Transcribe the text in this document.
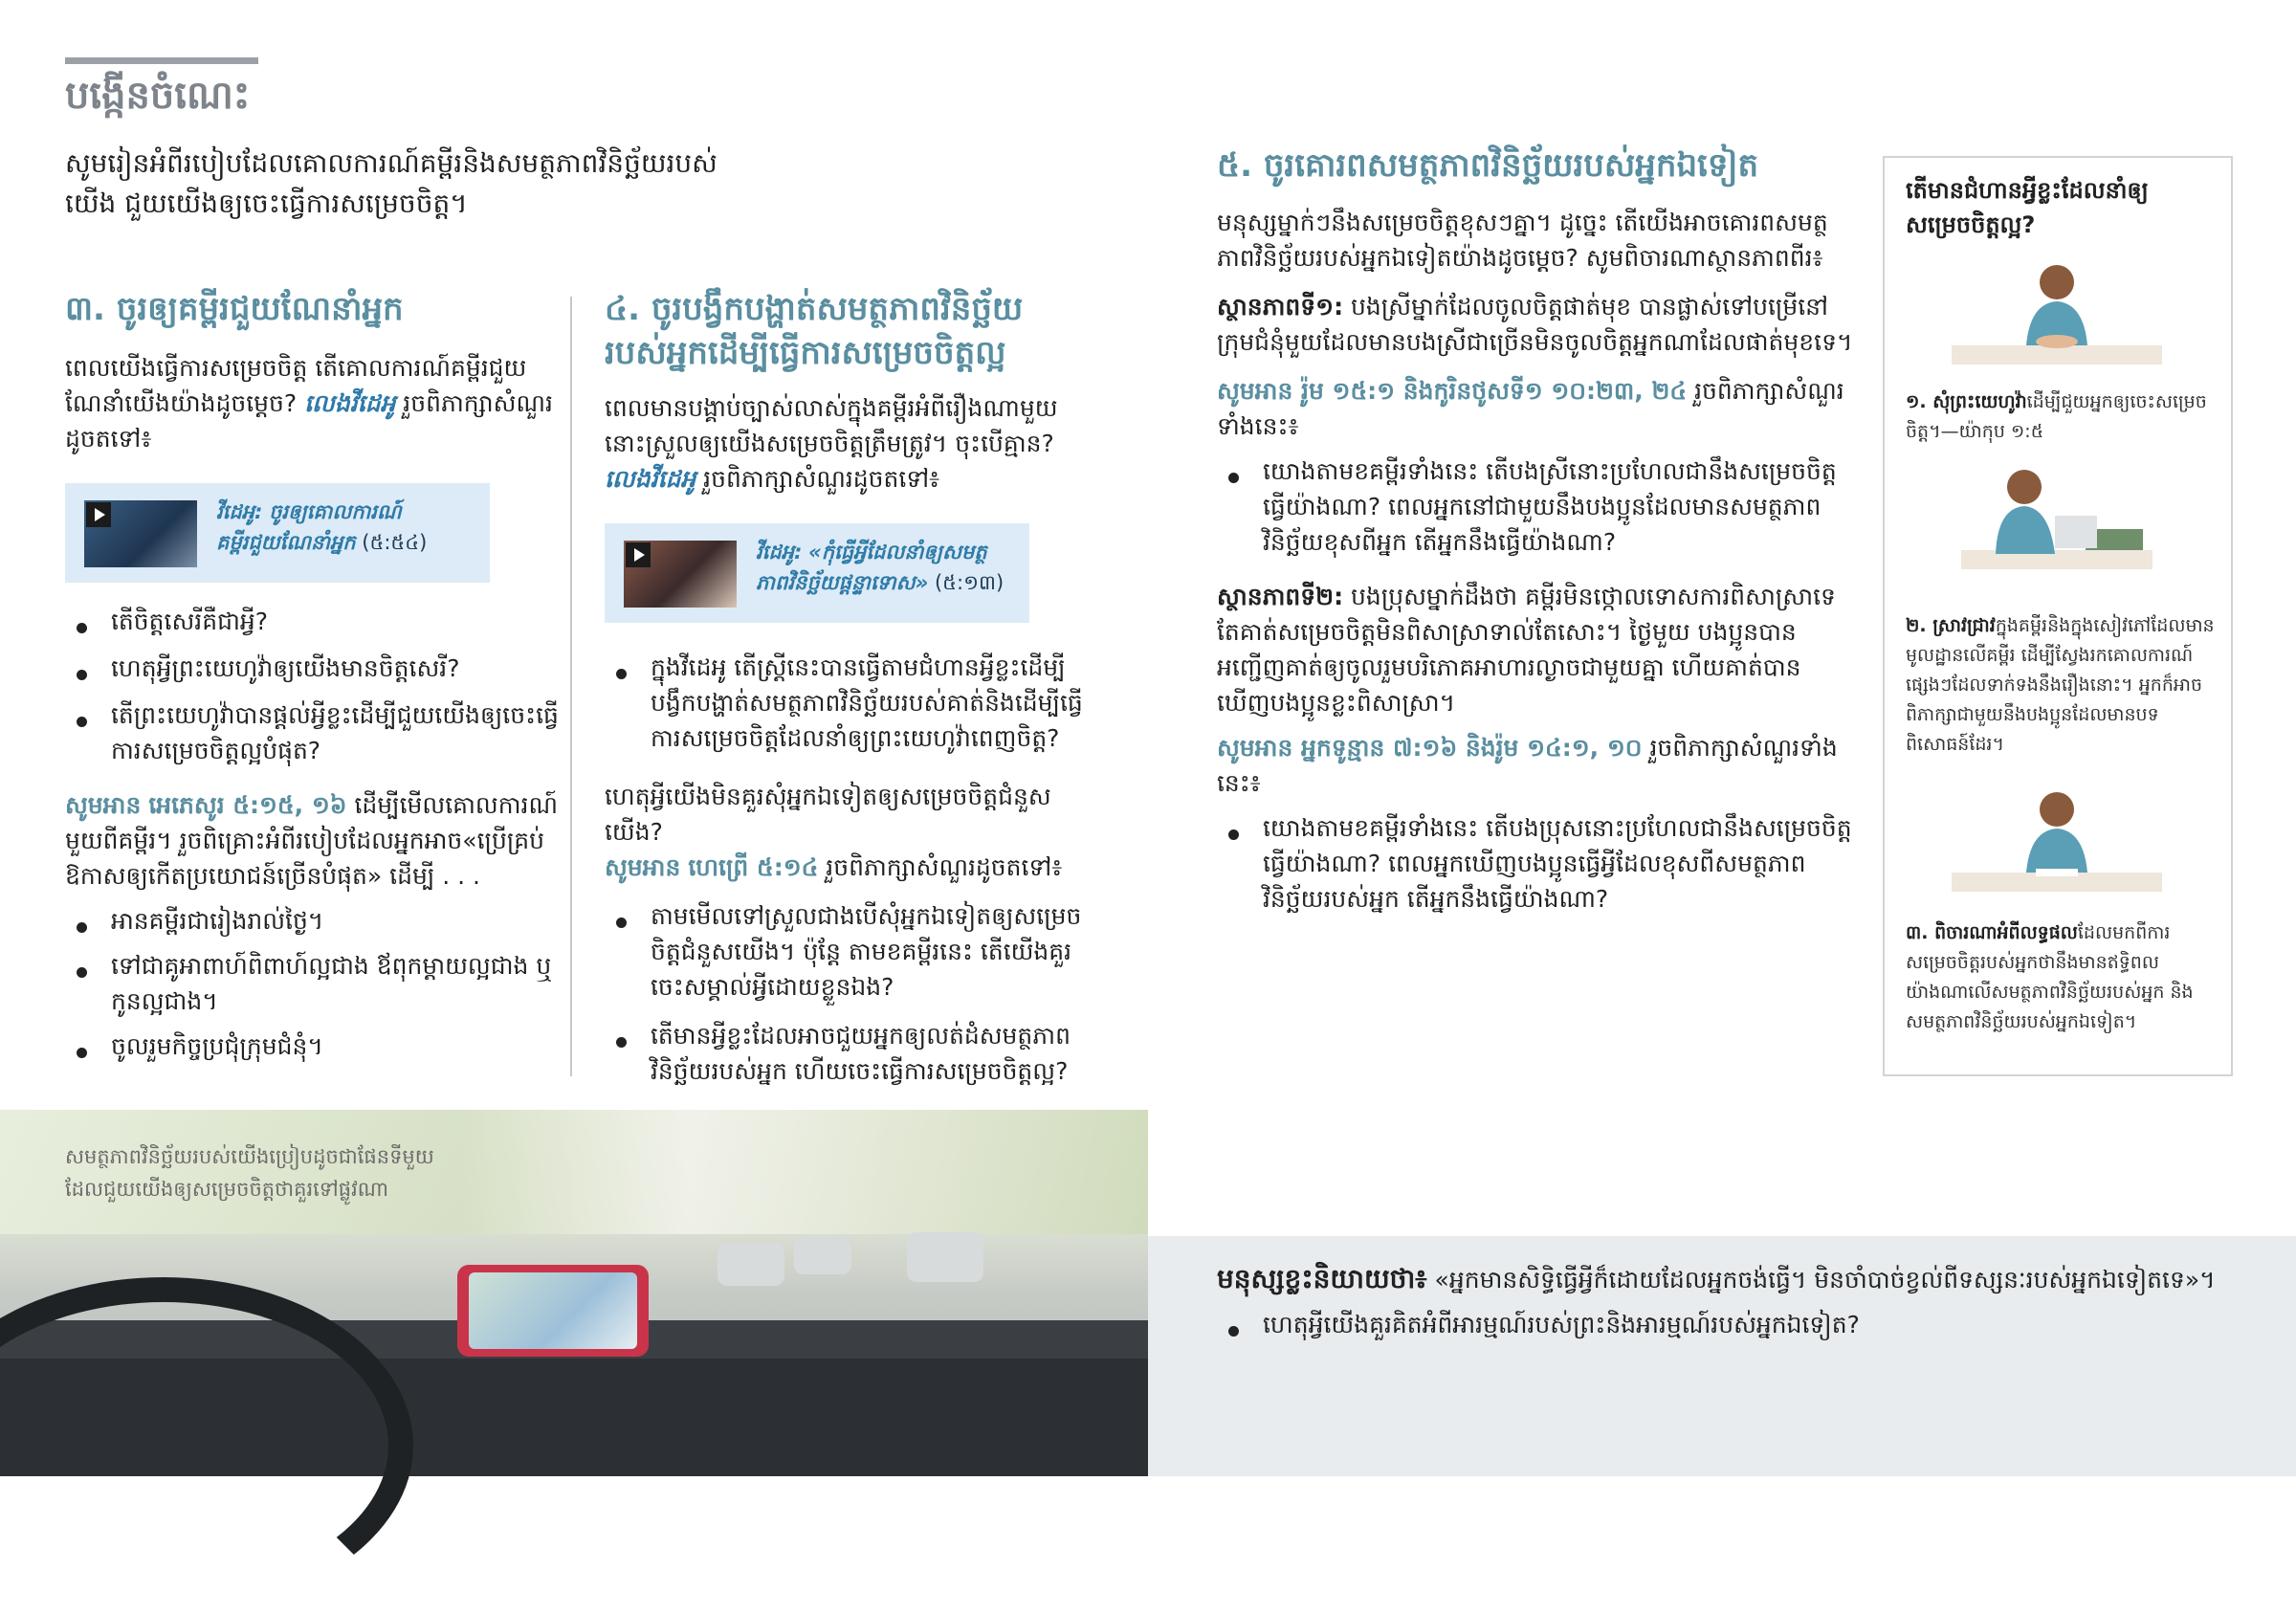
បង្កើនចំណេះ

សូមរៀនអំពីរបៀបដែលគោលការណ៍គម្ពីរនិងសមត្ថភាពវិនិច្ឆ័យរបស់យើង ជួយយើងឲ្យចេះធ្វើការសម្រេចចិត្ត។

៣. ចូរឲ្យគម្ពីរជួយណែនាំអ្នក

ពេលយើងធ្វើការសម្រេចចិត្ត តើគោលការណ៍គម្ពីរជួយណែនាំយើងយ៉ាងដូចម្ដេច? លេងវីដេអូ រួចពិភាក្សាសំណួរដូចតទៅ៖

វីដេអូ: ចូរឲ្យគោលការណ៍គម្ពីរជួយណែនាំអ្នក (៥:៥៤)
តើចិត្តសេរីគឺជាអ្វី?
ហេតុអ្វីព្រះយេហូវ៉ាឲ្យយើងមានចិត្តសេរី?
តើព្រះយេហូវ៉ាបានផ្ដល់អ្វីខ្លះដើម្បីជួយយើងឲ្យចេះធ្វើការសម្រេចចិត្តល្អបំផុត?

សូមអាន អេភេសូរ ៥:១៥, ១៦ ដើម្បីមើលគោលការណ៍មួយពីគម្ពីរ។ រួចពិគ្រោះអំពីរបៀបដែលអ្នកអាច«ប្រើគ្រប់ឱកាសឲ្យកើតប្រយោជន៍ច្រើនបំផុត» ដើម្បី . . .

អានគម្ពីរជារៀងរាល់ថ្ងៃ។
ទៅជាគូអាពាហ៍ពិពាហ៍ល្អជាង ឪពុកម្ដាយល្អជាង ឬកូនល្អជាង។
ចូលរួមកិច្ចប្រជុំក្រុមជំនុំ។
៤. ចូរបង្វឹកបង្ហាត់សមត្ថភាពវិនិច្ឆ័យរបស់អ្នកដើម្បីធ្វើការសម្រេចចិត្តល្អ

ពេលមានបង្គាប់ច្បាស់លាស់ក្នុងគម្ពីរអំពីរឿងណាមួយ នោះស្រួលឲ្យយើងសម្រេចចិត្តត្រឹមត្រូវ។ ចុះបើគ្មាន? លេងវីដេអូ រួចពិភាក្សាសំណួរដូចតទៅ៖

វីដេអូ: «កុំធ្វើអ្វីដែលនាំឲ្យសមត្ថភាពវិនិច្ឆ័យផ្ដន្ទាទោស» (៥:១៣)
ក្នុងវីដេអូ តើស្ត្រីនេះបានធ្វើតាមជំហានអ្វីខ្លះដើម្បីបង្វឹកបង្ហាត់សមត្ថភាពវិនិច្ឆ័យរបស់គាត់និងដើម្បីធ្វើការសម្រេចចិត្តដែលនាំឲ្យព្រះយេហូវ៉ាពេញចិត្ត?

ហេតុអ្វីយើងមិនគួរសុំអ្នកឯទៀតឲ្យសម្រេចចិត្តជំនួសយើង?

សូមអាន ហេព្រើ ៥:១៤ រួចពិភាក្សាសំណួរដូចតទៅ៖

តាមមើលទៅស្រួលជាងបើសុំអ្នកឯទៀតឲ្យសម្រេចចិត្តជំនួសយើង។ ប៉ុន្តែ តាមខគម្ពីរនេះ តើយើងគួរចេះសម្គាល់អ្វីដោយខ្លួនឯង?
តើមានអ្វីខ្លះដែលអាចជួយអ្នកឲ្យលត់ដំសមត្ថភាពវិនិច្ឆ័យរបស់អ្នក ហើយចេះធ្វើការសម្រេចចិត្តល្អ?
៥. ចូរគោរពសមត្ថភាពវិនិច្ឆ័យរបស់អ្នកឯទៀត

មនុស្សម្នាក់ៗនឹងសម្រេចចិត្តខុសៗគ្នា។ ដូច្នេះ តើយើងអាចគោរពសមត្ថភាពវិនិច្ឆ័យរបស់អ្នកឯទៀតយ៉ាងដូចម្ដេច? សូមពិចារណាស្ថានភាពពីរ៖

ស្ថានភាពទី១: បងស្រីម្នាក់ដែលចូលចិត្តផាត់មុខ បានផ្លាស់ទៅបម្រើនៅក្រុមជំនុំមួយដែលមានបងស្រីជាច្រើនមិនចូលចិត្តអ្នកណាដែលផាត់មុខទេ។

សូមអាន រ៉ូម ១៥:១ និងកូរិនថូសទី១ ១០:២៣, ២៤ រួចពិភាក្សាសំណួរទាំងនេះ៖

យោងតាមខគម្ពីរទាំងនេះ តើបងស្រីនោះប្រហែលជានឹងសម្រេចចិត្តធ្វើយ៉ាងណា? ពេលអ្នកនៅជាមួយនឹងបងប្អូនដែលមានសមត្ថភាពវិនិច្ឆ័យខុសពីអ្នក តើអ្នកនឹងធ្វើយ៉ាងណា?

ស្ថានភាពទី២: បងប្រុសម្នាក់ដឹងថា គម្ពីរមិនថ្កោលទោសការពិសាស្រាទេ តែគាត់សម្រេចចិត្តមិនពិសាស្រាទាល់តែសោះ។ ថ្ងៃមួយ បងប្អូនបានអញ្ជើញគាត់ឲ្យចូលរួមបរិភោគអាហារល្ងាចជាមួយគ្នា ហើយគាត់បានឃើញបងប្អូនខ្លះពិសាស្រា។

សូមអាន អ្នកទូន្មាន ៧:១៦ និងរ៉ូម ១៤:១, ១០ រួចពិភាក្សាសំណួរទាំងនេះ៖

យោងតាមខគម្ពីរទាំងនេះ តើបងប្រុសនោះប្រហែលជានឹងសម្រេចចិត្តធ្វើយ៉ាងណា? ពេលអ្នកឃើញបងប្អូនធ្វើអ្វីដែលខុសពីសមត្ថភាពវិនិច្ឆ័យរបស់អ្នក តើអ្នកនឹងធ្វើយ៉ាងណា?
តើមានជំហានអ្វីខ្លះដែលនាំឲ្យសម្រេចចិត្តល្អ?
១. សុំព្រះយេហូវ៉ាដើម្បីជួយអ្នកឲ្យចេះសម្រេចចិត្ត។—យ៉ាកុប ១:៥
២. ស្រាវជ្រាវក្នុងគម្ពីរនិងក្នុងសៀវភៅដែលមានមូលដ្ឋានលើគម្ពីរ ដើម្បីស្វែងរកគោលការណ៍ផ្សេងៗដែលទាក់ទងនឹងរឿងនោះ។ អ្នកក៏អាចពិភាក្សាជាមួយនឹងបងប្អូនដែលមានបទពិសោធន៍ដែរ។
៣. ពិចារណាអំពីលទ្ធផលដែលមកពីការសម្រេចចិត្តរបស់អ្នកថានឹងមានឥទ្ធិពលយ៉ាងណាលើសមត្ថភាពវិនិច្ឆ័យរបស់អ្នក និងសមត្ថភាពវិនិច្ឆ័យរបស់អ្នកឯទៀត។

សមត្ថភាពវិនិច្ឆ័យរបស់យើងប្រៀបដូចជាផែនទីមួយដែលជួយយើងឲ្យសម្រេចចិត្តថាគួរទៅផ្លូវណា

មនុស្សខ្លះនិយាយថា៖ «អ្នកមានសិទ្ធិធ្វើអ្វីក៏ដោយដែលអ្នកចង់ធ្វើ។ មិនចាំបាច់ខ្វល់ពីទស្សនៈរបស់អ្នកឯទៀតទេ»។

ហេតុអ្វីយើងគួរគិតអំពីអារម្មណ៍របស់ព្រះនិងអារម្មណ៍របស់អ្នកឯទៀត?
